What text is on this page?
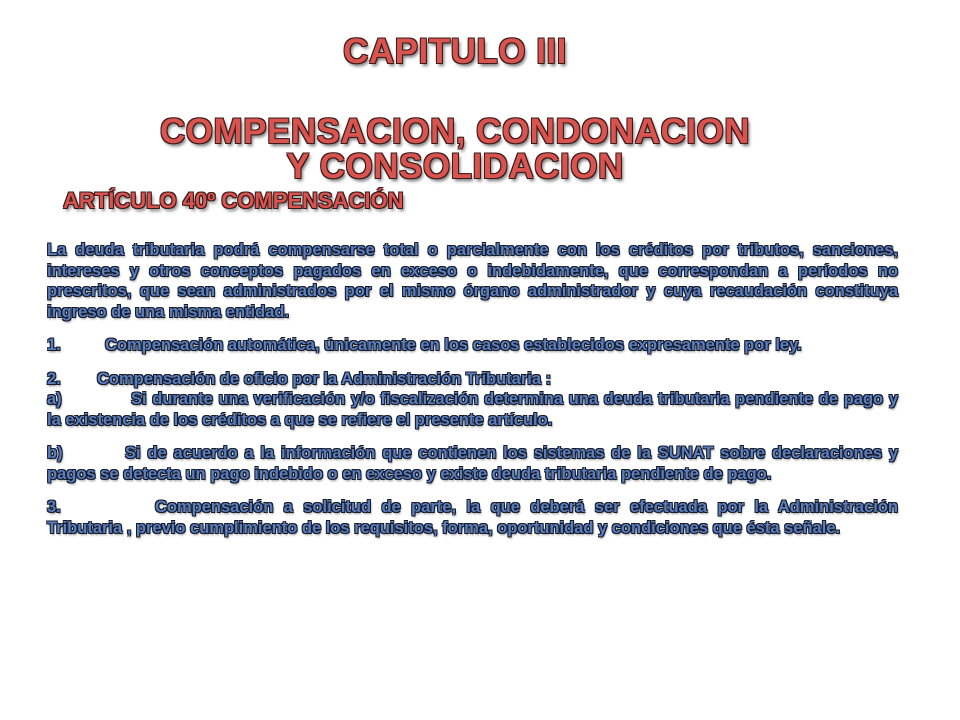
CAPITULO III
COMPENSACION, CONDONACION
Y CONSOLIDACION
ARTÍCULO 40º COMPENSACIÓN

La deuda tributaria podrá compensarse total o parcialmente con los créditos por tributos, sanciones, intereses y otros conceptos pagados en exceso o indebidamente, que correspondan a períodos no prescritos, que sean administrados por el mismo órgano administrador y cuya recaudación constituya ingreso de una misma entidad.

1.	Compensación automática, únicamente en los casos establecidos expresamente por ley.

2. Compensación de oficio por la Administración Tributaria :

a)	Si durante una verificación y/o fiscalización determina una deuda tributaria pendiente de pago y la existencia de los créditos a que se refiere el presente artículo.

b)	Si de acuerdo a la información que contienen los sistemas de la SUNAT sobre declaraciones y pagos se detecta un pago indebido o en exceso y existe deuda tributaria pendiente de pago.

3.	Compensación a solicitud de parte, la que deberá ser efectuada por la Administración Tributaria , previo cumplimiento de los requisitos, forma, oportunidad y condiciones que ésta señale.
